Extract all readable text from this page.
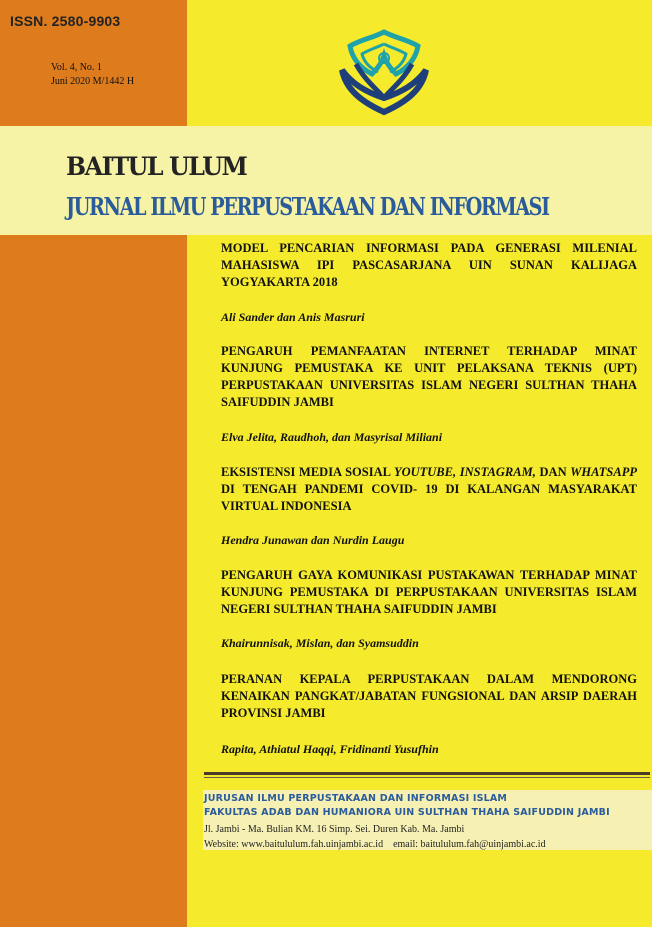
ISSN. 2580-9903
Vol. 4, No. 1
Juni 2020 M/1442 H
BAITUL ULUM
JURNAL ILMU PERPUSTAKAAN DAN INFORMASI

MODEL PENCARIAN INFORMASI PADA GENERASI MILENIAL MAHASISWA IPI PASCASARJANA UIN SUNAN KALIJAGA YOGYAKARTA 2018

Ali Sander dan Anis Masruri

PENGARUH PEMANFAATAN INTERNET TERHADAP MINAT KUNJUNG PEMUSTAKA KE UNIT PELAKSANA TEKNIS (UPT) PERPUSTAKAAN UNIVERSITAS ISLAM NEGERI SULTHAN THAHA SAIFUDDIN JAMBI

Elva Jelita, Raudhoh, dan Masyrisal Miliani

EKSISTENSI MEDIA SOSIAL YOUTUBE, INSTAGRAM, DAN WHATSAPP DI TENGAH PANDEMI COVID- 19 DI KALANGAN MASYARAKAT VIRTUAL INDONESIA

Hendra Junawan dan Nurdin Laugu

PENGARUH GAYA KOMUNIKASI PUSTAKAWAN TERHADAP MINAT KUNJUNG PEMUSTAKA DI PERPUSTAKAAN UNIVERSITAS ISLAM NEGERI SULTHAN THAHA SAIFUDDIN JAMBI

Khairunnisak, Mislan, dan Syamsuddin

PERANAN KEPALA PERPUSTAKAAN DALAM MENDORONG KENAIKAN PANGKAT/JABATAN FUNGSIONAL DAN ARSIP DAERAH PROVINSI JAMBI

Rapita, Athiatul Haqqi, Fridinanti Yusufhin

JURUSAN ILMU PERPUSTAKAAN DAN INFORMASI ISLAM
FAKULTAS ADAB DAN HUMANIORA UIN SULTHAN THAHA SAIFUDDIN JAMBI
Jl. Jambi - Ma. Bulian KM. 16 Simp. Sei. Duren Kab. Ma. Jambi
Website: www.baitululum.fah.uinjambi.ac.id    email: baitululum.fah@uinjambi.ac.id
